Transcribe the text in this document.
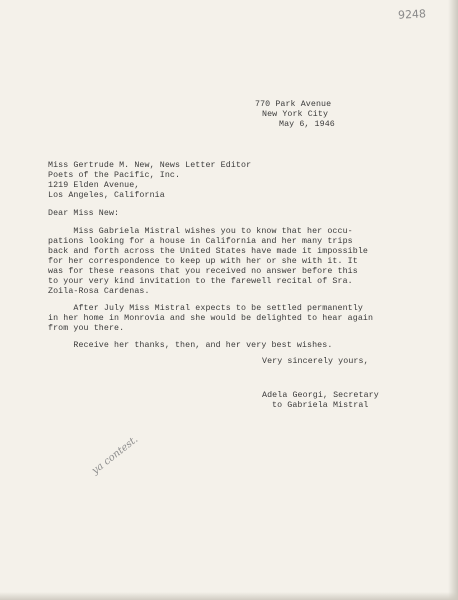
9248

770 Park Avenue

New York City

May 6, 1946

Miss Gertrude M. New, News Letter Editor

Poets of the Pacific, Inc.

1219 Elden Avenue,

Los Angeles, California

Dear Miss New:

Miss Gabriela Mistral wishes you to know that her occu-

pations looking for a house in California and her many trips

back and forth across the United States have made it impossible

for her correspondence to keep up with her or she with it. It

was for these reasons that you received no answer before this

to your very kind invitation to the farewell recital of Sra.

Zoila-Rosa Cardenas.

After July Miss Mistral expects to be settled permanently

in her home in Monrovia and she would be delighted to hear again

from you there.

Receive her thanks, then, and her very best wishes.

Very sincerely yours,

Adela Georgi, Secretary

to Gabriela Mistral

ya contest.
